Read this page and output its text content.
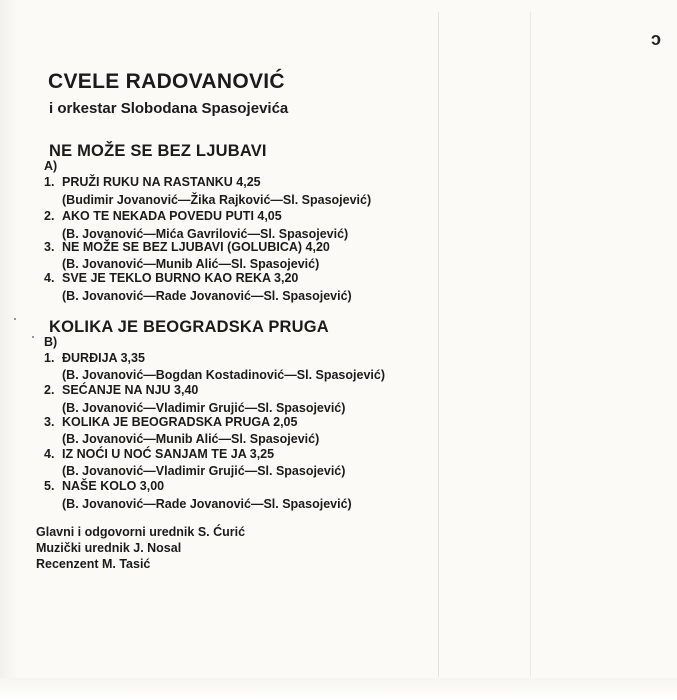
c
CVELE RADOVANOVIĆ
i orkestar Slobodana Spasojevića
NE MOŽE SE BEZ LJUBAVI
A)
1. PRUŽI RUKU NA RASTANKU 4,25
(Budimir Jovanović—Žika Rajković—Sl. Spasojević)
2. AKO TE NEKADA POVEDU PUTI 4,05
(B. Jovanović—Mića Gavrilović—Sl. Spasojević)
3. NE MOŽE SE BEZ LJUBAVI (GOLUBICA) 4,20
(B. Jovanović—Munib Alić—Sl. Spasojević)
4. SVE JE TEKLO BURNO KAO REKA 3,20
(B. Jovanović—Rade Jovanović—Sl. Spasojević)
KOLIKA JE BEOGRADSKA PRUGA
B)
1. ĐURĐIJA 3,35
(B. Jovanović—Bogdan Kostadinović—Sl. Spasojević)
2. SEĆANJE NA NJU 3,40
(B. Jovanović—Vladimir Grujić—Sl. Spasojević)
3. KOLIKA JE BEOGRADSKA PRUGA 2,05
(B. Jovanović—Munib Alić—Sl. Spasojević)
4. IZ NOĆI U NOĆ SANJAM TE JA 3,25
(B. Jovanović—Vladimir Grujić—Sl. Spasojević)
5. NAŠE KOLO 3,00
(B. Jovanović—Rade Jovanović—Sl. Spasojević)
Glavni i odgovorni urednik S. Ćurić
Muzički urednik J. Nosal
Recenzent M. Tasić
